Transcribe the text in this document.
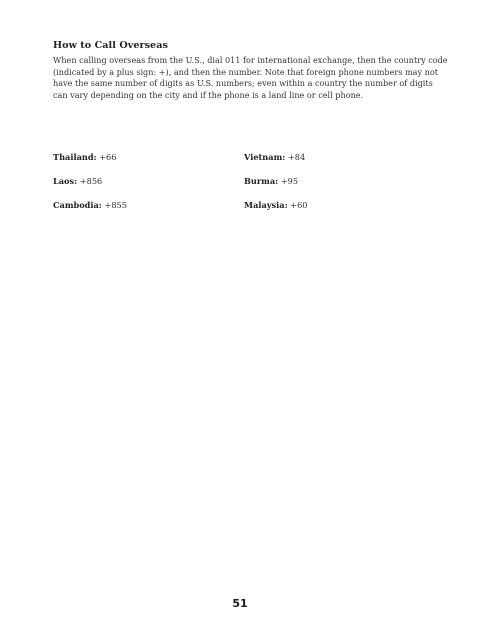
How to Call Overseas

When calling overseas from the U.S., dial 011 for international exchange, then the country code
(indicated by a plus sign: +), and then the number. Note that foreign phone numbers may not
have the same number of digits as U.S. numbers; even within a country the number of digits
can vary depending on the city and if the phone is a land line or cell phone.

Thailand: +66	Vietnam: +84
Laos: +856	Burma: +95
Cambodia: +855	Malaysia: +60
51
